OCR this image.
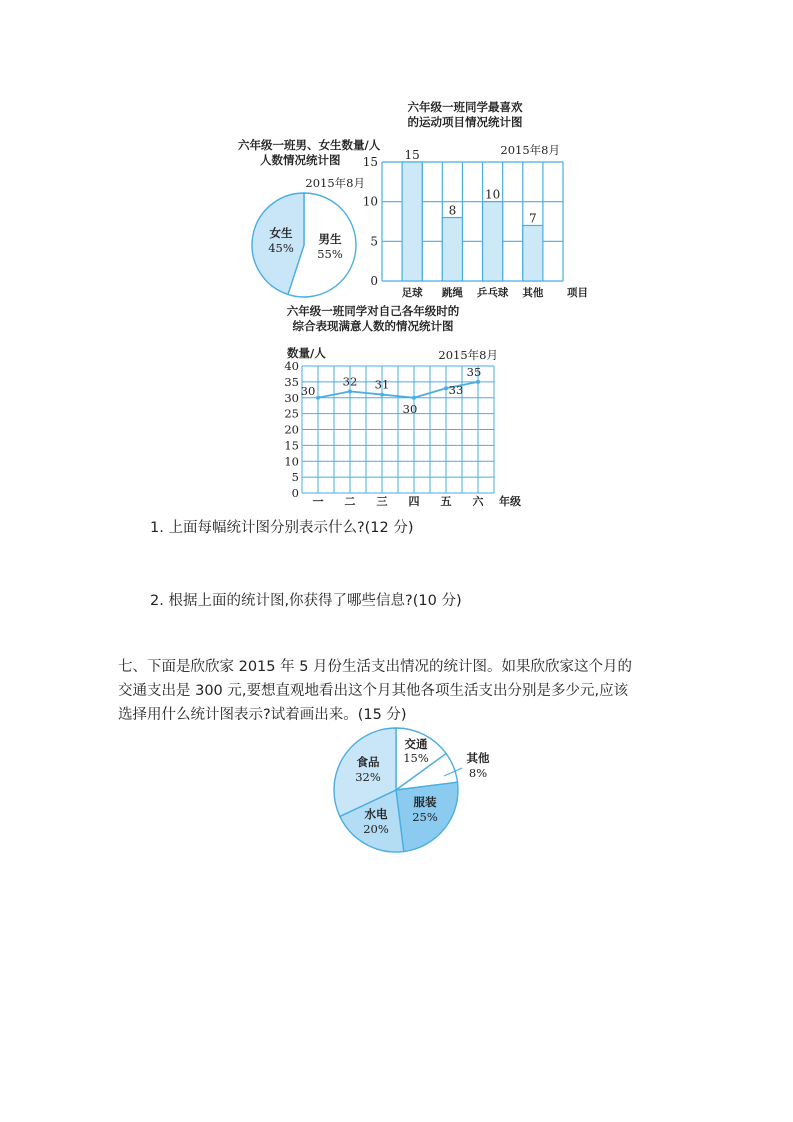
六年级一班同学最喜欢
的运动项目情况统计图
六年级一班男、女生数量/人
人数情况统计图
六年级一班同学对自己各年级时的
综合表现满意人数的情况统计图
0
5
10
15 15
足球
8
跳绳
10
乒乓球
7
其他 项目
2015年8月
男生
55%
女生
45%
2015年8月
0
5
10
15
20
25
30
35
40
30
一
32
二
31
三
30
四
33
五
35
六 年级
数量/人	2015年8月
交通
15%	其他
8%
服装
25%
水电
20%
食品
32%
1. 上面每幅统计图分别表示什么?(12 分)
2. 根据上面的统计图,你获得了哪些信息?(10 分)
七、下面是欣欣家 2015 年 5 月份生活支出情况的统计图。如果欣欣家这个月的
交通支出是 300 元,要想直观地看出这个月其他各项生活支出分别是多少元,应该
选择用什么统计图表示?试着画出来。(15 分)
